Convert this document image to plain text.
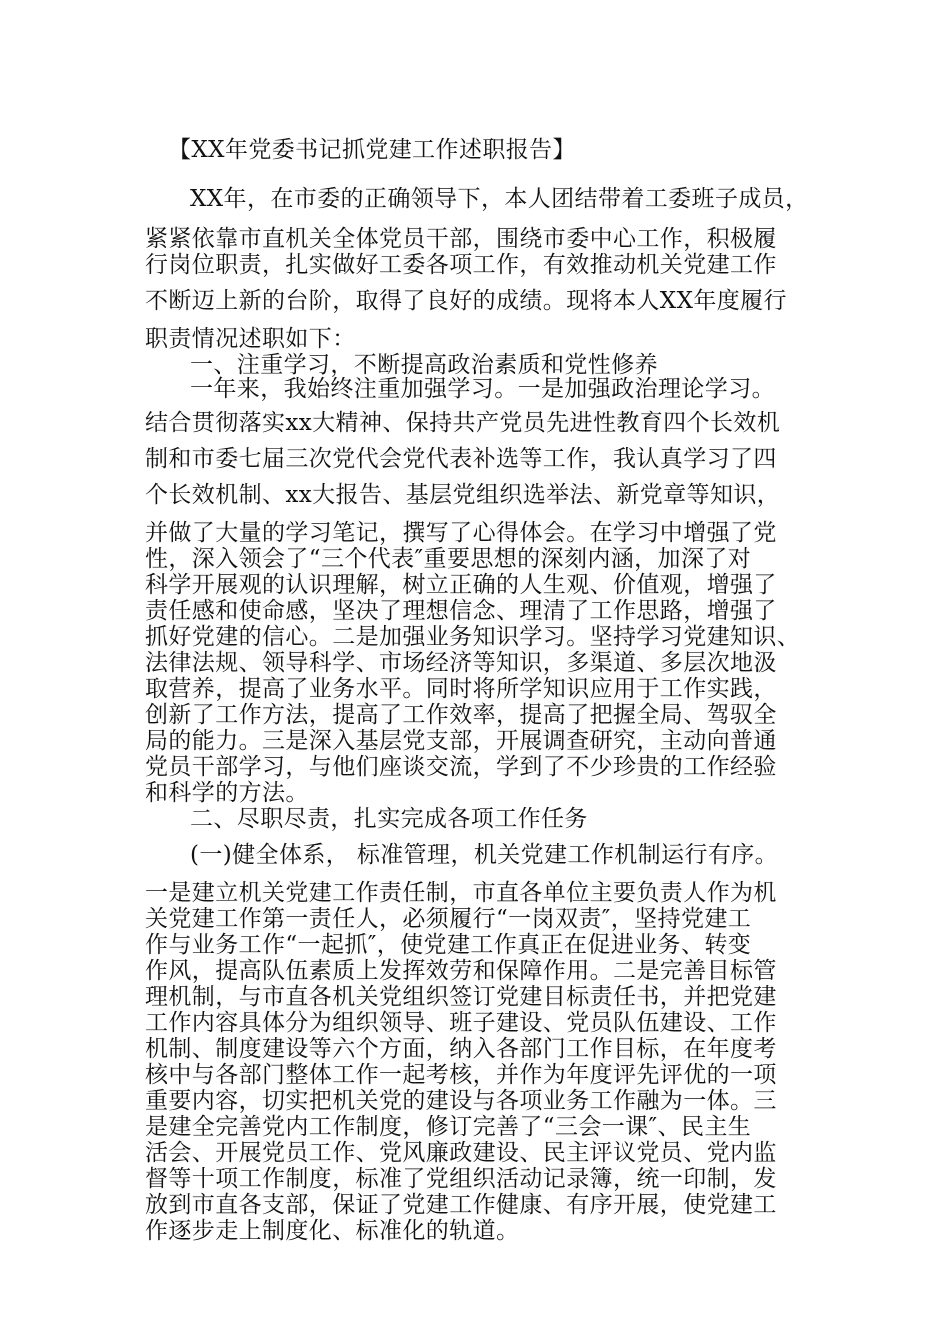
【XX年党委书记抓党建工作述职报告】
XX年，在市委的正确领导下，本人团结带着工委班子成员，
紧紧依靠市直机关全体党员干部，围绕市委中心工作，积极履
行岗位职责，扎实做好工委各项工作，有效推动机关党建工作
不断迈上新的台阶，取得了良好的成绩。现将本人XX年度履行
职责情况述职如下：
一、注重学习，不断提高政治素质和党性修养
一年来，我始终注重加强学习。一是加强政治理论学习。
结合贯彻落实xx大精神、保持共产党员先进性教育四个长效机
制和市委七届三次党代会党代表补选等工作，我认真学习了四
个长效机制、xx大报告、基层党组织选举法、新党章等知识，
并做了大量的学习笔记，撰写了心得体会。在学习中增强了党
性，深入领会了“三个代表″重要思想的深刻内涵，加深了对
科学开展观的认识理解，树立正确的人生观、价值观，增强了
责任感和使命感，坚决了理想信念、理清了工作思路，增强了
抓好党建的信心。二是加强业务知识学习。坚持学习党建知识、
法律法规、领导科学、市场经济等知识，多渠道、多层次地汲
取营养，提高了业务水平。同时将所学知识应用于工作实践，
创新了工作方法，提高了工作效率，提高了把握全局、驾驭全
局的能力。三是深入基层党支部，开展调查研究，主动向普通
党员干部学习，与他们座谈交流，学到了不少珍贵的工作经验
和科学的方法。
二、尽职尽责，扎实完成各项工作任务
(一)健全体系， 标准管理，机关党建工作机制运行有序。
一是建立机关党建工作责任制，市直各单位主要负责人作为机
关党建工作第一责任人，必须履行“一岗双责″，坚持党建工
作与业务工作“一起抓″，使党建工作真正在促进业务、转变
作风，提高队伍素质上发挥效劳和保障作用。二是完善目标管
理机制，与市直各机关党组织签订党建目标责任书，并把党建
工作内容具体分为组织领导、班子建设、党员队伍建设、工作
机制、制度建设等六个方面，纳入各部门工作目标，在年度考
核中与各部门整体工作一起考核，并作为年度评先评优的一项
重要内容，切实把机关党的建设与各项业务工作融为一体。三
是建全完善党内工作制度，修订完善了“三会一课″、民主生
活会、开展党员工作、党风廉政建设、民主评议党员、党内监
督等十项工作制度，标准了党组织活动记录簿，统一印制，发
放到市直各支部，保证了党建工作健康、有序开展，使党建工
作逐步走上制度化、标准化的轨道。
